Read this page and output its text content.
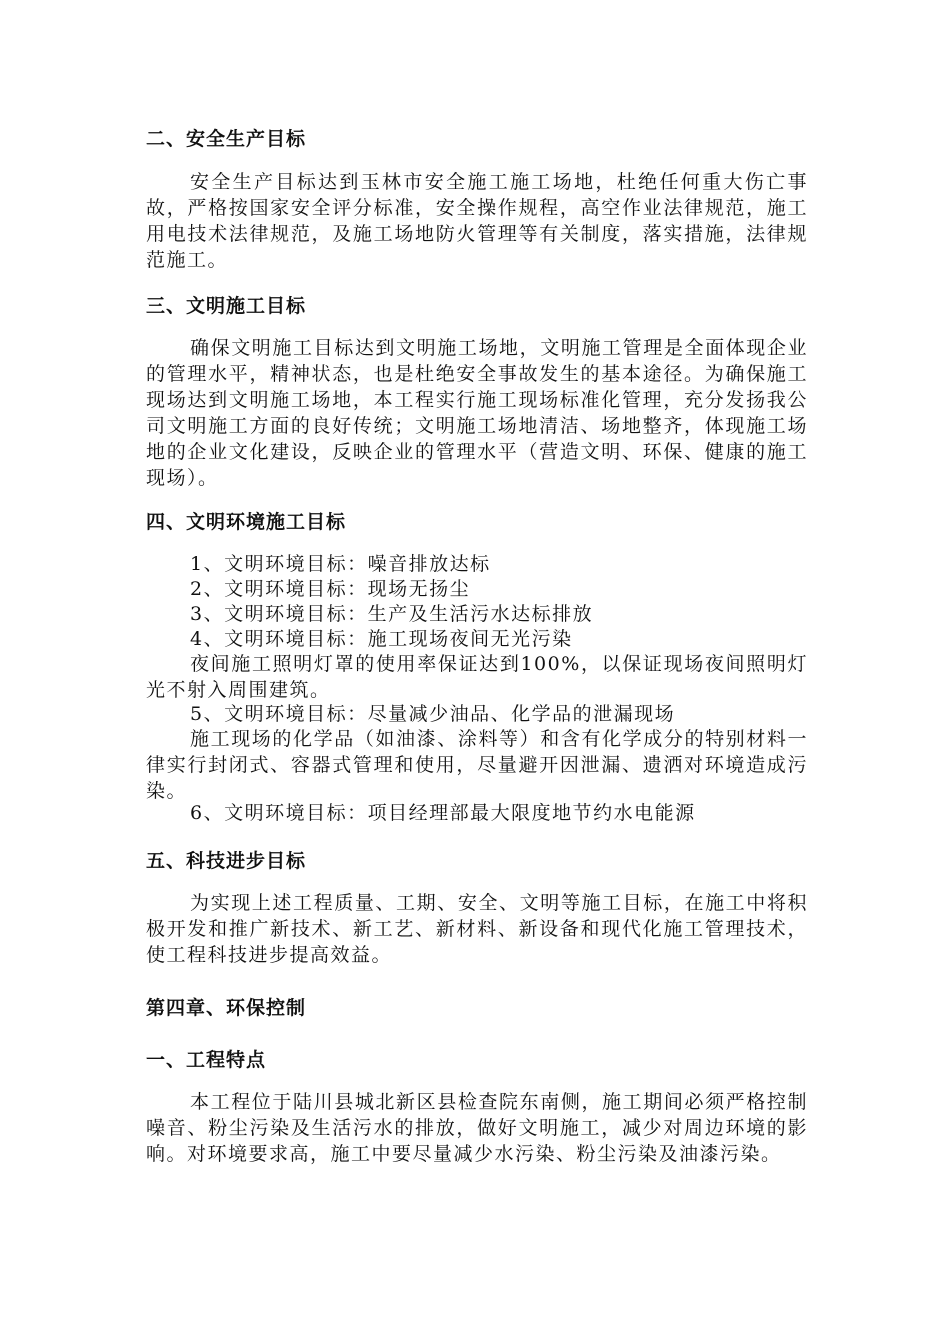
二、安全生产目标

安全生产目标达到玉林市安全施工施工场地，杜绝任何重大伤亡事故，严格按国家安全评分标准，安全操作规程，高空作业法律规范，施工用电技术法律规范，及施工场地防火管理等有关制度，落实措施，法律规范施工。

三、文明施工目标

确保文明施工目标达到文明施工场地，文明施工管理是全面体现企业的管理水平，精神状态，也是杜绝安全事故发生的基本途径。为确保施工现场达到文明施工场地，本工程实行施工现场标准化管理，充分发扬我公司文明施工方面的良好传统；文明施工场地清洁、场地整齐，体现施工场地的企业文化建设，反映企业的管理水平（营造文明、环保、健康的施工现场）。

四、文明环境施工目标

1、文明环境目标：噪音排放达标

2、文明环境目标：现场无扬尘

3、文明环境目标：生产及生活污水达标排放

4、文明环境目标：施工现场夜间无光污染

夜间施工照明灯罩的使用率保证达到100%，以保证现场夜间照明灯光不射入周围建筑。

5、文明环境目标：尽量减少油品、化学品的泄漏现场

施工现场的化学品（如油漆、涂料等）和含有化学成分的特别材料一律实行封闭式、容器式管理和使用，尽量避开因泄漏、遗洒对环境造成污染。

6、文明环境目标：项目经理部最大限度地节约水电能源

五、科技进步目标

为实现上述工程质量、工期、安全、文明等施工目标，在施工中将积极开发和推广新技术、新工艺、新材料、新设备和现代化施工管理技术，使工程科技进步提高效益。

第四章、环保控制
一、工程特点

本工程位于陆川县城北新区县检查院东南侧，施工期间必须严格控制噪音、粉尘污染及生活污水的排放，做好文明施工，减少对周边环境的影响。对环境要求高，施工中要尽量减少水污染、粉尘污染及油漆污染。
